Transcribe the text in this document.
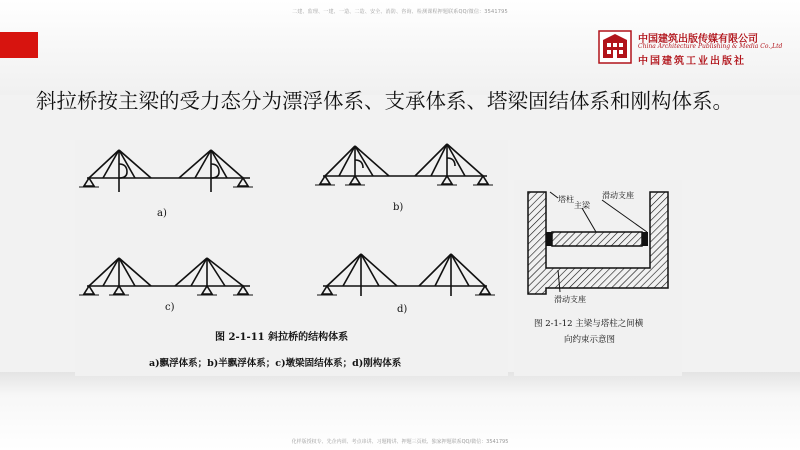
二建、监理、一建、一造、二造、安全、消防、咨询、检测课程押题联系QQ/微信：3541795
化样版授权专、先企内训、考点串讲、习题精讲、押题三页纸、独家押题联系QQ/微信：3541795
中国建筑出版传媒有限公司
China Architecture Publishing & Media Co.,Ltd
中国建筑工业出版社
斜拉桥按主梁的受力态分为漂浮体系、支承体系、塔梁固结体系和刚构体系。
a)
b)
c)	d)
图 2-1-11 斜拉桥的结构体系
a)飘浮体系；b)半飘浮体系；c)墩梁固结体系；d)刚构体系
塔柱	滑动支座
主梁
滑动支座
图 2-1-12 主梁与塔柱之间横
向约束示意图
